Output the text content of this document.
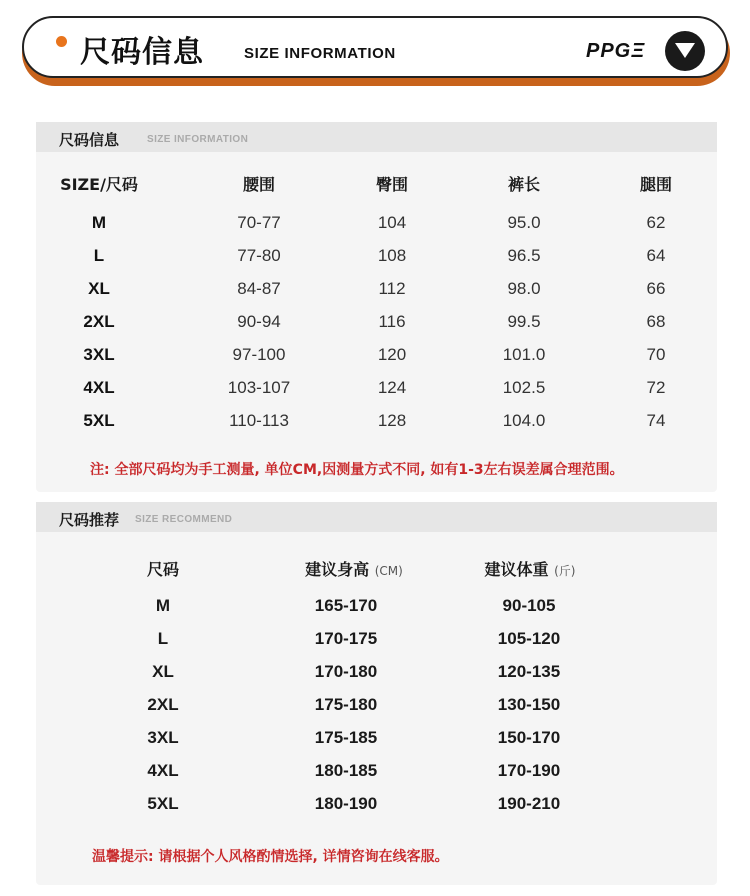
尺码信息	SIZE INFORMATION	PPGΞ
尺码信息	SIZE INFORMATION
SIZE/尺码	腰围	臀围	裤长	腿围
M	70-77	104	95.0	62
L	77-80	108	96.5	64
XL	84-87	112	98.0	66
2XL	90-94	116	99.5	68
3XL	97-100	120	101.0	70
4XL	103-107	124	102.5	72
5XL	110-113	128	104.0	74
注: 全部尺码均为手工测量, 单位CM,因测量方式不同, 如有1-3左右误差属合理范围。
尺码推荐 SIZE RECOMMEND
尺码	建议身高 (CM)	建议体重 (斤)
M	165-170	90-105
L	170-175	105-120
XL	170-180	120-135
2XL	175-180	130-150
3XL	175-185	150-170
4XL	180-185	170-190
5XL	180-190	190-210
温馨提示: 请根据个人风格酌情选择, 详情咨询在线客服。
